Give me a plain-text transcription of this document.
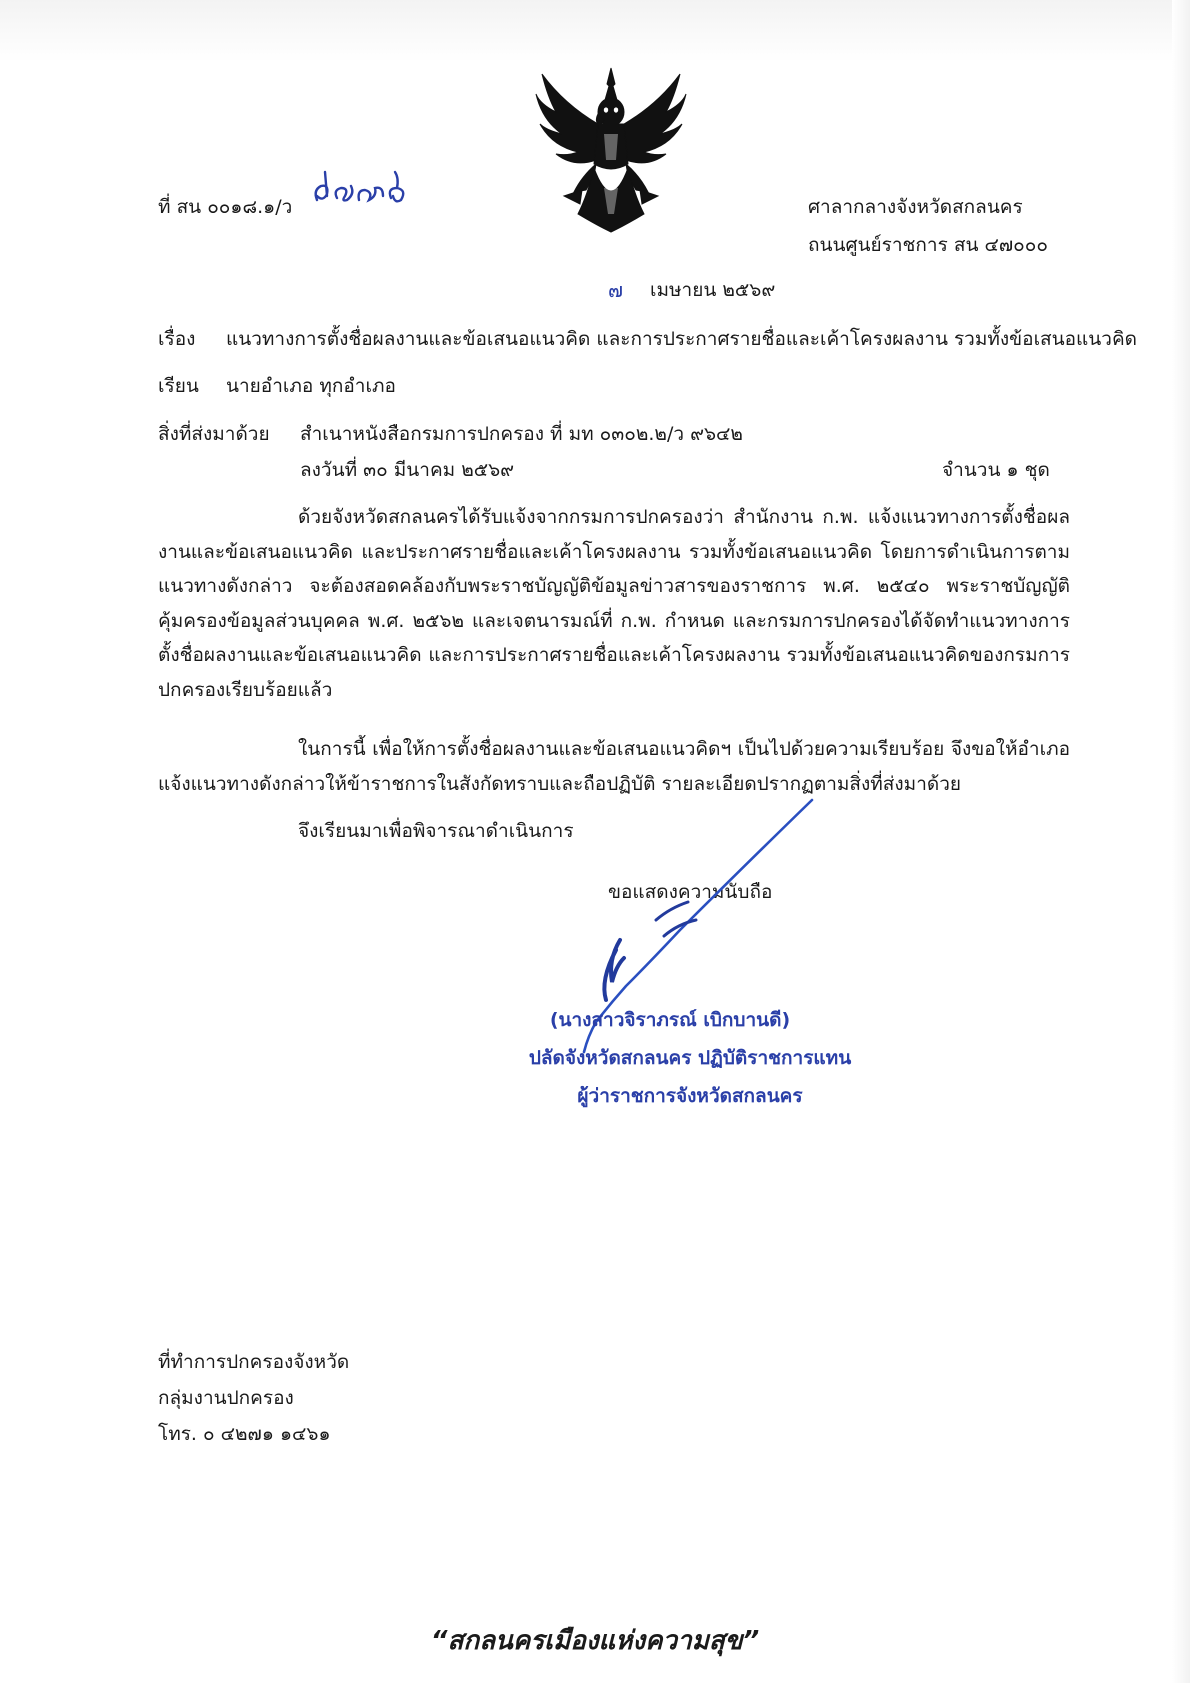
ที่ สน ๐๐๑๘.๑/ว	ศาลากลางจังหวัดสกลนคร
ถนนศูนย์ราชการ สน ๔๗๐๐๐
๗ เมษายน ๒๕๖๙
เรื่อง แนวทางการตั้งชื่อผลงานและข้อเสนอแนวคิด และการประกาศรายชื่อและเค้าโครงผลงาน รวมทั้งข้อเสนอแนวคิด
เรียน นายอำเภอ ทุกอำเภอ
สิ่งที่ส่งมาด้วย สำเนาหนังสือกรมการปกครอง ที่ มท ๐๓๐๒.๒/ว ๙๖๔๒
ลงวันที่ ๓๐ มีนาคม ๒๕๖๙	จำนวน ๑ ชุด

ด้วยจังหวัดสกลนครได้รับแจ้งจากกรมการปกครองว่า สำนักงาน ก.พ. แจ้งแนวทางการตั้งชื่อผลงานและข้อเสนอแนวคิด และประกาศรายชื่อและเค้าโครงผลงาน รวมทั้งข้อเสนอแนวคิด โดยการดำเนินการตามแนวทางดังกล่าว จะต้องสอดคล้องกับพระราชบัญญัติข้อมูลข่าวสารของราชการ พ.ศ. ๒๕๔๐ พระราชบัญญัติคุ้มครองข้อมูลส่วนบุคคล พ.ศ. ๒๕๖๒ และเจตนารมณ์ที่ ก.พ. กำหนด และกรมการปกครองได้จัดทำแนวทางการตั้งชื่อผลงานและข้อเสนอแนวคิด และการประกาศรายชื่อและเค้าโครงผลงาน รวมทั้งข้อเสนอแนวคิดของกรมการปกครองเรียบร้อยแล้ว

ในการนี้ เพื่อให้การตั้งชื่อผลงานและข้อเสนอแนวคิดฯ เป็นไปด้วยความเรียบร้อย จึงขอให้อำเภอแจ้งแนวทางดังกล่าวให้ข้าราชการในสังกัดทราบและถือปฏิบัติ รายละเอียดปรากฏตามสิ่งที่ส่งมาด้วย

จึงเรียนมาเพื่อพิจารณาดำเนินการ
ขอแสดงความนับถือ
(นางสาวจิราภรณ์ เบิกบานดี)
ปลัดจังหวัดสกลนคร ปฏิบัติราชการแทน
ผู้ว่าราชการจังหวัดสกลนคร
ที่ทำการปกครองจังหวัด
กลุ่มงานปกครอง
โทร. ๐ ๔๒๗๑ ๑๔๖๑
“สกลนครเมืองแห่งความสุข”
